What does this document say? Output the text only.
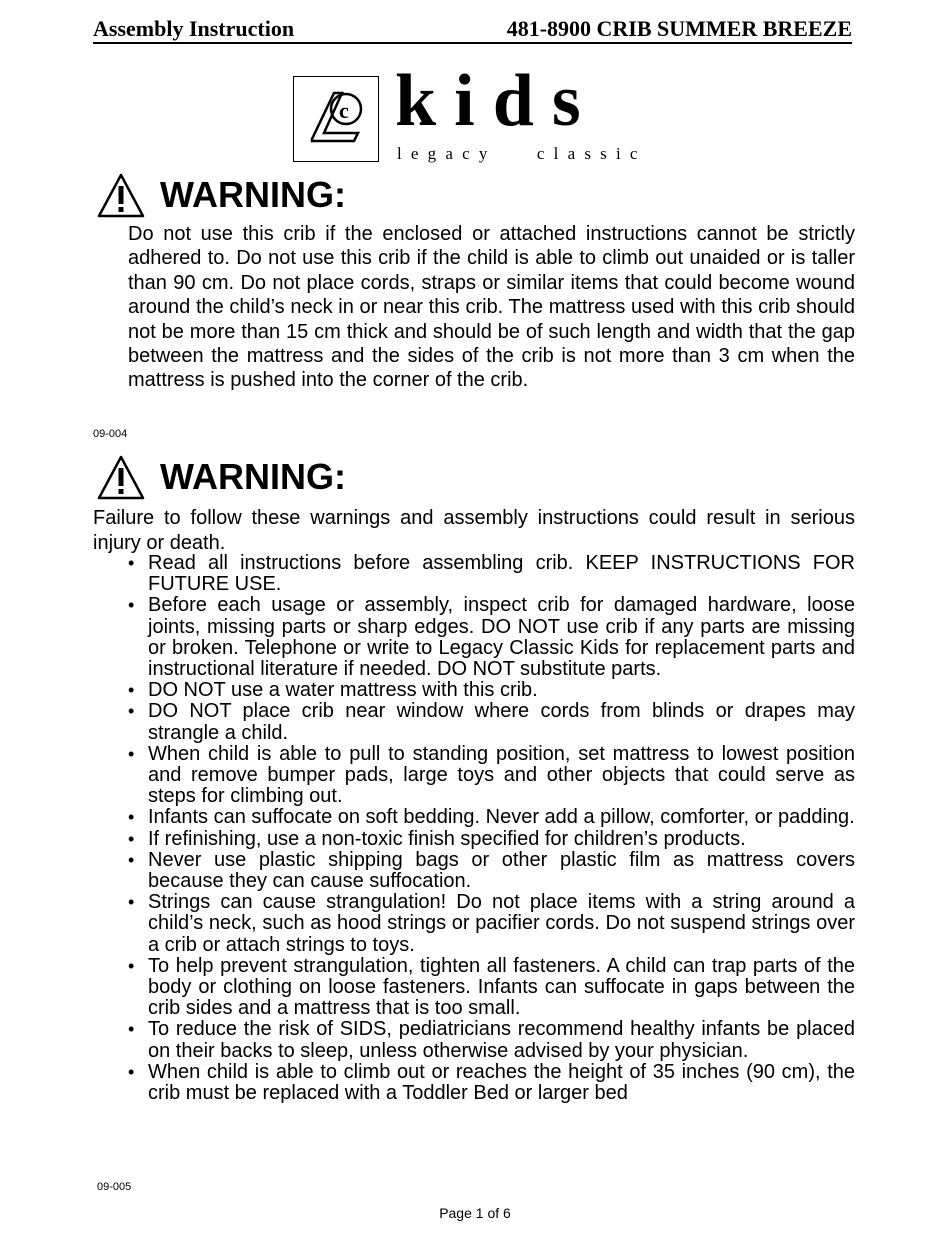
Assembly Instruction	481-8900 CRIB SUMMER BREEZE
c kids
legacy   classic
WARNING:

Do not use this crib if the enclosed or attached instructions cannot be strictly adhered to. Do not use this crib if the child is able to climb out unaided or is taller than 90 cm. Do not place cords, straps or similar items that could become wound around the child’s neck in or near this crib. The mattress used with this crib should not be more than 15 cm thick and should be of such length and width that the gap between the mattress and the sides of the crib is not more than 3 cm when the mattress is pushed into the corner of the crib.

09-004
WARNING:

Failure to follow these warnings and assembly instructions could result in serious injury or death.

• Read all instructions before assembling crib. KEEP INSTRUCTIONS FOR FUTURE USE.
• Before each usage or assembly, inspect crib for damaged hardware, loose joints, missing parts or sharp edges. DO NOT use crib if any parts are missing or broken. Telephone or write to Legacy Classic Kids for replacement parts and instructional literature if needed. DO NOT substitute parts.
• DO NOT use a water mattress with this crib.
• DO NOT place crib near window where cords from blinds or drapes may strangle a child.
• When child is able to pull to standing position, set mattress to lowest position and remove bumper pads, large toys and other objects that could serve as steps for climbing out.
• Infants can suffocate on soft bedding. Never add a pillow, comforter, or padding.
• If refinishing, use a non-toxic finish specified for children’s products.
• Never use plastic shipping bags or other plastic film as mattress covers because they can cause suffocation.
• Strings can cause strangulation! Do not place items with a string around a child’s neck, such as hood strings or pacifier cords. Do not suspend strings over a crib or attach strings to toys.
• To help prevent strangulation, tighten all fasteners. A child can trap parts of the body or clothing on loose fasteners. Infants can suffocate in gaps between the crib sides and a mattress that is too small.
• To reduce the risk of SIDS, pediatricians recommend healthy infants be placed on their backs to sleep, unless otherwise advised by your physician.
• When child is able to climb out or reaches the height of 35 inches (90 cm), the crib must be replaced with a Toddler Bed or larger bed
09-005
Page 1 of 6
